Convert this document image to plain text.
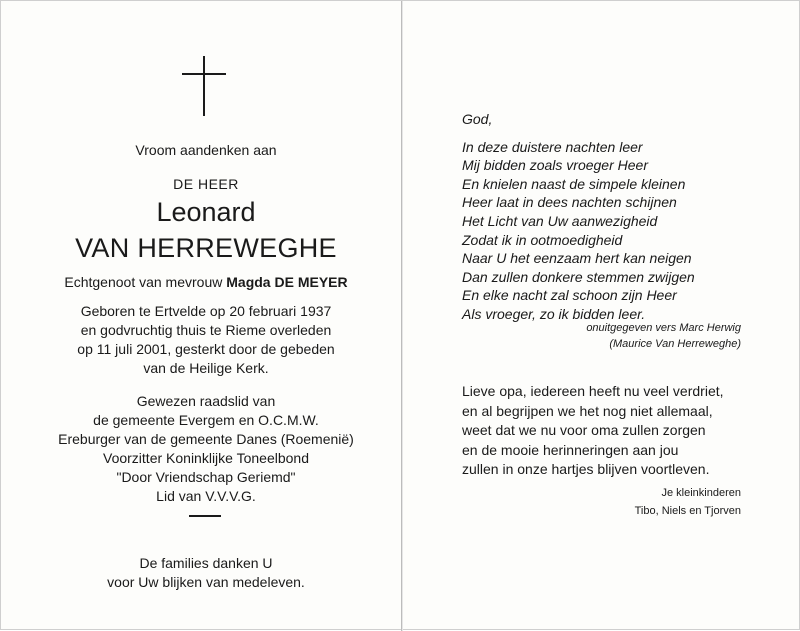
Vroom aandenken aan
DE HEER
Leonard
VAN HERREWEGHE
Echtgenoot van mevrouw Magda DE MEYER
Geboren te Ertvelde op 20 februari 1937
en godvruchtig thuis te Rieme overleden
op 11 juli 2001, gesterkt door de gebeden
van de Heilige Kerk.
Gewezen raadslid van
de gemeente Evergem en O.C.M.W.
Ereburger van de gemeente Danes (Roemenië)
Voorzitter Koninklijke Toneelbond
"Door Vriendschap Geriemd"
Lid van V.V.V.G.
De families danken U
voor Uw blijken van medeleven.
God,
In deze duistere nachten leer
Mij bidden zoals vroeger Heer
En knielen naast de simpele kleinen
Heer laat in dees nachten schijnen
Het Licht van Uw aanwezigheid
Zodat ik in ootmoedigheid
Naar U het eenzaam hert kan neigen
Dan zullen donkere stemmen zwijgen
En elke nacht zal schoon zijn Heer
Als vroeger, zo ik bidden leer.
onuitgegeven vers Marc Herwig
(Maurice Van Herreweghe)
Lieve opa, iedereen heeft nu veel verdriet,
en al begrijpen we het nog niet allemaal,
weet dat we nu voor oma zullen zorgen
en de mooie herinneringen aan jou
zullen in onze hartjes blijven voortleven.
Je kleinkinderen
Tibo, Niels en Tjorven
